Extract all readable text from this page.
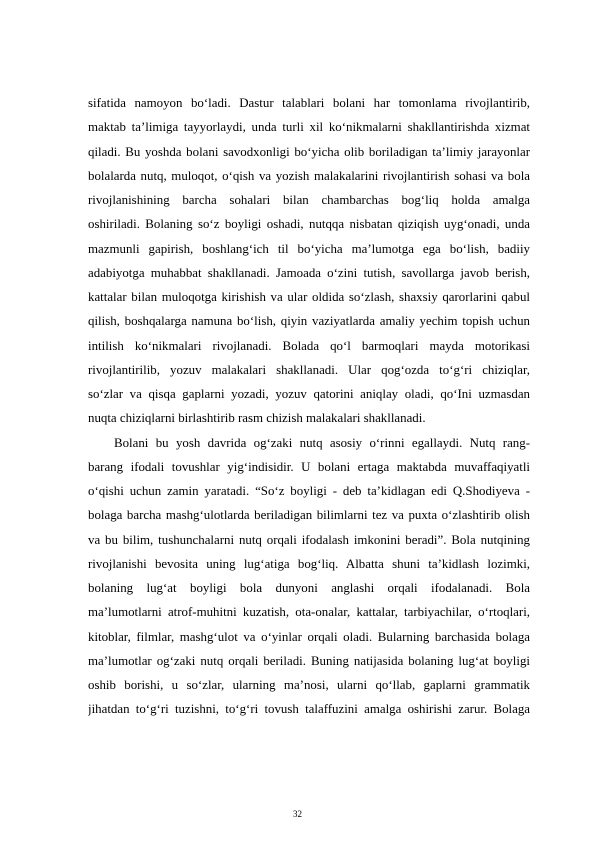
sifatida namoyon boʻladi. Dastur talablari bolani har tomonlama rivojlantirib,
maktab taʼlimiga tayyorlaydi, unda turli xil koʻnikmalarni shakllantirishda xizmat
qiladi. Bu yoshda bolani savodxonligi boʻyicha olib boriladigan taʼlimiy jarayonlar
bolalarda nutq, muloqot, oʻqish va yozish malakalarini rivojlantirish sohasi va bola
rivojlanishining barcha sohalari bilan chambarchas bogʻliq holda amalga
oshiriladi. Bolaning soʻz boyligi oshadi, nutqqa nisbatan qiziqish uygʻonadi, unda
mazmunli gapirish, boshlangʻich til boʻyicha maʼlumotga ega boʻlish, badiiy
adabiyotga muhabbat shakllanadi. Jamoada oʻzini tutish, savollarga javob berish,
kattalar bilan muloqotga kirishish va ular oldida soʻzlash, shaxsiy qarorlarini qabul
qilish, boshqalarga namuna boʻlish, qiyin vaziyatlarda amaliy yechim topish uchun
intilish koʻnikmalari rivojlanadi. Bolada qoʻl barmoqlari mayda motorikasi
rivojlantirilib, yozuv malakalari shakllanadi. Ular qogʻozda toʻgʻri chiziqlar,
soʻzlar va qisqa gaplarni yozadi, yozuv qatorini aniqlay oladi, qoʻIni uzmasdan
nuqta chiziqlarni birlashtirib rasm chizish malakalari shakllanadi.
Bolani bu yosh davrida ogʻzaki nutq asosiy oʻrinni egallaydi. Nutq rang-
barang ifodali tovushlar yigʻindisidir. U bolani ertaga maktabda muvaffaqiyatli
oʻqishi uchun zamin yaratadi. “Soʻz boyligi - deb taʼkidlagan edi Q.Shodiyeva -
bolaga barcha mashgʻulotlarda beriladigan bilimlarni tez va puxta oʻzlashtirib olish
va bu bilim, tushunchalarni nutq orqali ifodalash imkonini beradi”. Bola nutqining
rivojlanishi bevosita uning lugʻatiga bogʻliq. Albatta shuni taʼkidlash lozimki,
bolaning lugʻat boyligi bola dunyoni anglashi orqali ifodalanadi. Bola
maʼlumotlarni atrof-muhitni kuzatish, ota-onalar, kattalar, tarbiyachilar, oʻrtoqlari,
kitoblar, filmlar, mashgʻulot va oʻyinlar orqali oladi. Bularning barchasida bolaga
maʼlumotlar ogʻzaki nutq orqali beriladi. Buning natijasida bolaning lugʻat boyligi
oshib borishi, u soʻzlar, ularning maʼnosi, ularni qoʻllab, gaplarni grammatik
jihatdan toʻgʻri tuzishni, toʻgʻri tovush talaffuzini amalga oshirishi zarur. Bolaga
32
